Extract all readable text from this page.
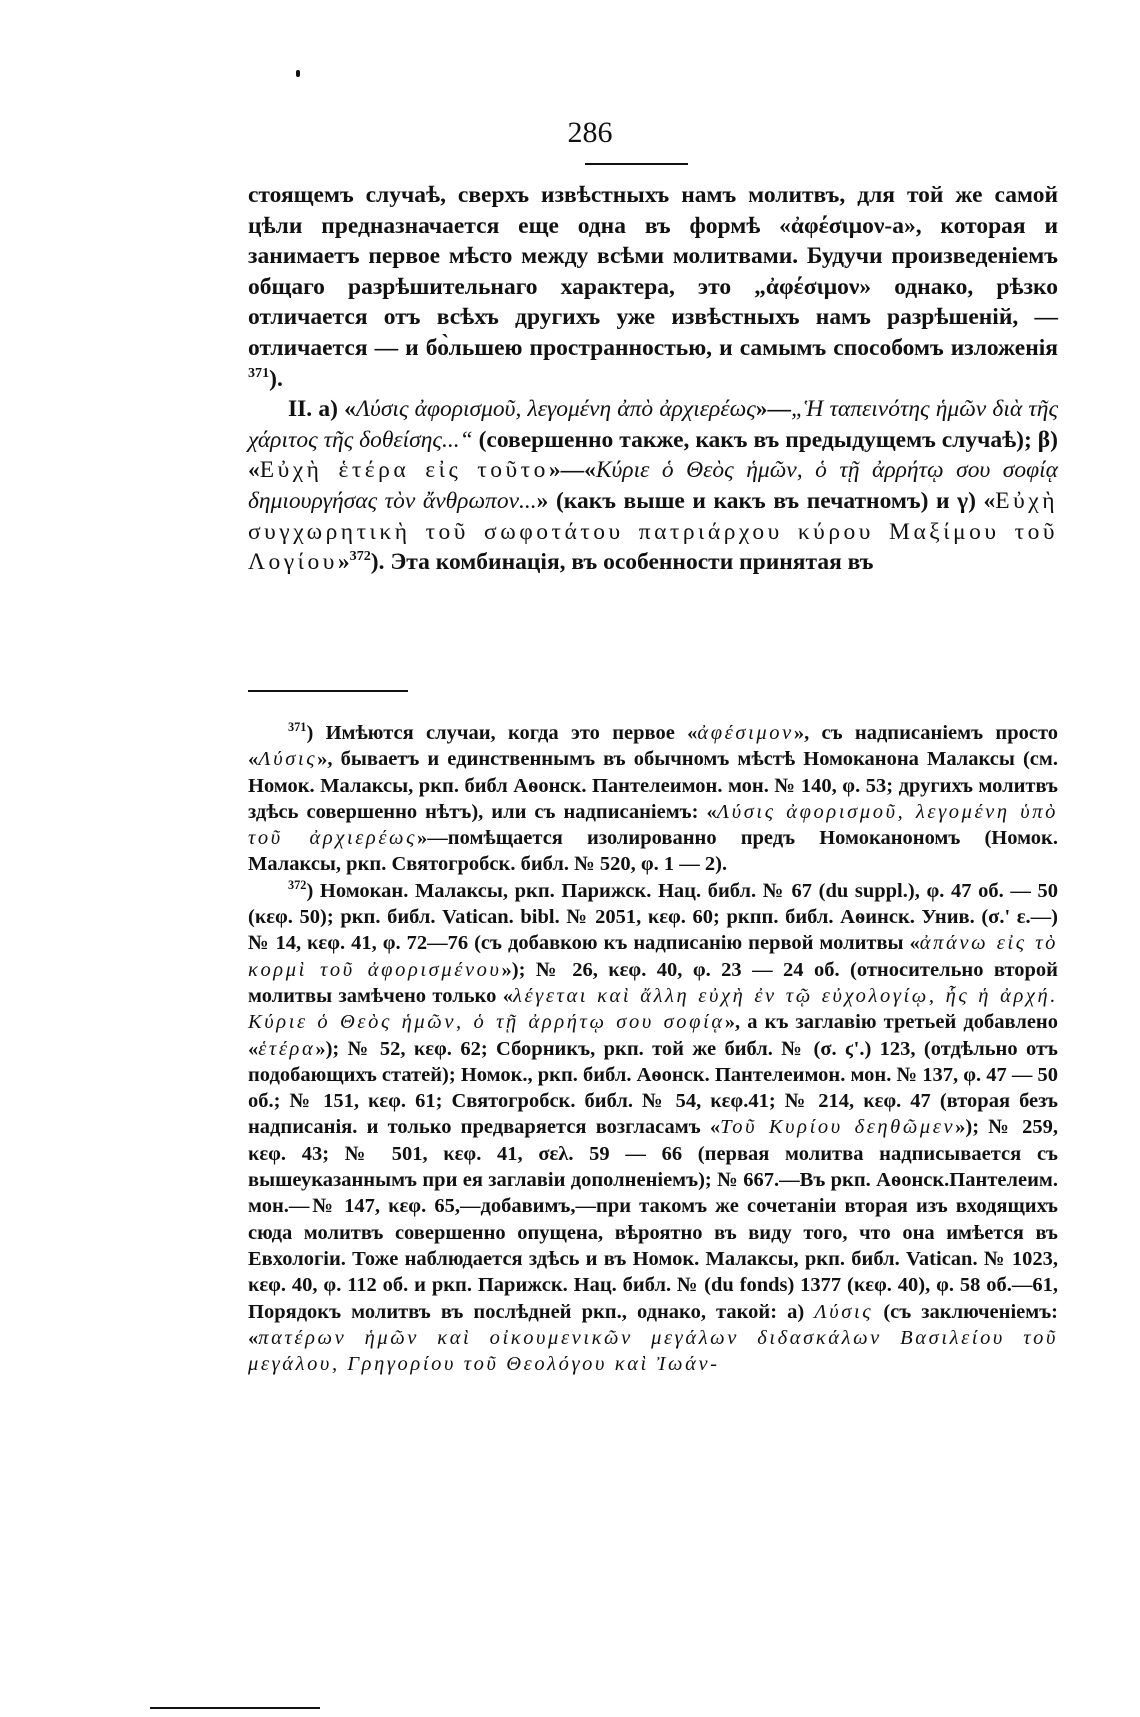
286

стоящемъ случаѣ, сверхъ извѣстныхъ намъ молитвъ, для той же самой цѣли предназначается еще одна въ формѣ «ἀφέσιμον-а», которая и занимаетъ первое мѣсто между всѣми молитвами. Будучи произведеніемъ общаго разрѣшительнаго характера, это „ἀφέσιμον» однако, рѣзко отличается отъ всѣхъ другихъ уже извѣстныхъ намъ разрѣшеній, — отличается — и бо̀льшею пространностью, и самымъ способомъ изложенія $^{371}$).

II. а) «Λύσις ἀφορισμοῦ, λεγομένη ἀπὸ ἀρχιερέως»—„Ἡ ταπεινότης ἡμῶν διὰ τῆς χάριτος τῆς δοθείσης...“ (совершенно также, какъ въ предыдущемъ случаѣ); β) «Εὐχὴ ἑτέρα εἰς τοῦτο»—«Κύριε ὁ Θεὸς ἡμῶν, ὁ τῇ ἀρρήτῳ σου σοφίᾳ δημιουργήσας τὸν ἄνθρωπον...» (какъ выше и какъ въ печатномъ) и γ) «Εὐχὴ συγχωρητικὴ τοῦ σωφοτάτου πατριάρχου κύρου Μαξίμου τοῦ Λογίου»$^{372}$). Эта комбинація, въ особенности принятая въ

$^{371}$) Имѣются случаи, когда это первое «ἀφέσιμον», съ надписаніемъ просто «Λύσις», бываетъ и единственнымъ въ обычномъ мѣстѣ Номоканона Малаксы (см. Номок. Малаксы, ркп. библ Аѳонск. Пантелеимон. мон. № 140, φ. 53; другихъ молитвъ здѣсь совершенно нѣтъ), или съ надписаніемъ: «Λύσις ἀφορισμοῦ, λεγομένη ὑπὸ τοῦ ἀρχιερέως»—помѣщается изолированно предъ Номоканономъ (Номок. Малаксы, ркп. Святогробск. библ. № 520, φ. 1 — 2).

$^{372}$) Номокан. Малаксы, ркп. Парижск. Нац. библ. № 67 (du suppl.), φ. 47 об. — 50 (κεφ. 50); ркп. библ. Vatican. bibl. № 2051, κεφ. 60; ркпп. библ. Аѳинск. Унив. (σ.' ε.—) № 14, κεφ. 41, φ. 72—76 (съ добавкою къ надписанію первой молитвы «ἀπάνω εἰς τὸ κορμὶ τοῦ ἀφορισμένου»); № 26, κεφ. 40, φ. 23 — 24 об. (относительно второй молитвы замѣчено только «λέγεται καὶ ἄλλη εὐχὴ ἐν τῷ εὐχολογίῳ, ἧς ἡ ἀρχή. Κύριε ὁ Θεὸς ἡμῶν, ὁ τῇ ἀρρήτῳ σου σοφίᾳ», а къ заглавію третьей добавлено «ἑτέρα»); № 52, κεφ. 62; Сборникъ, ркп. той же библ. № (σ. ϛ'.) 123, (отдѣльно отъ подобающихъ статей); Номок., ркп. библ. Аѳонск. Пантелеимон. мон. № 137, φ. 47 — 50 об.; № 151, κεφ. 61; Святогробск. библ. № 54, κεφ.41; № 214, κεφ. 47 (вторая безъ надписанія. и только предваряется возгласамъ «Τοῦ Κυρίου δεηθῶμεν»); № 259, κεφ. 43; № 501, κεφ. 41, σελ. 59 — 66 (первая молитва надписывается съ вышеуказаннымъ при ея заглавіи дополненіемъ); № 667.—Въ ркп. Аѳонск.Пантелеим. мон.—№ 147, κεφ. 65,—добавимъ,—при такомъ же сочетаніи вторая изъ входящихъ сюда молитвъ совершенно опущена, вѣроятно въ виду того, что она имѣется въ Евхологіи. Тоже наблюдается здѣсь и въ Номок. Малаксы, ркп. библ. Vatican. № 1023, κεφ. 40, φ. 112 об. и ркп. Парижск. Нац. библ. № (du fonds) 1377 (κεφ. 40), φ. 58 об.—61, Порядокъ молитвъ въ послѣдней ркп., однако, такой: а) Λύσις (съ заключеніемъ: «πατέρων ἡμῶν καὶ οἰκουμενικῶν μεγάλων διδασκάλων Βασιλείου τοῦ μεγάλου, Γρηγορίου τοῦ Θεολόγου καὶ Ἰωάν-
